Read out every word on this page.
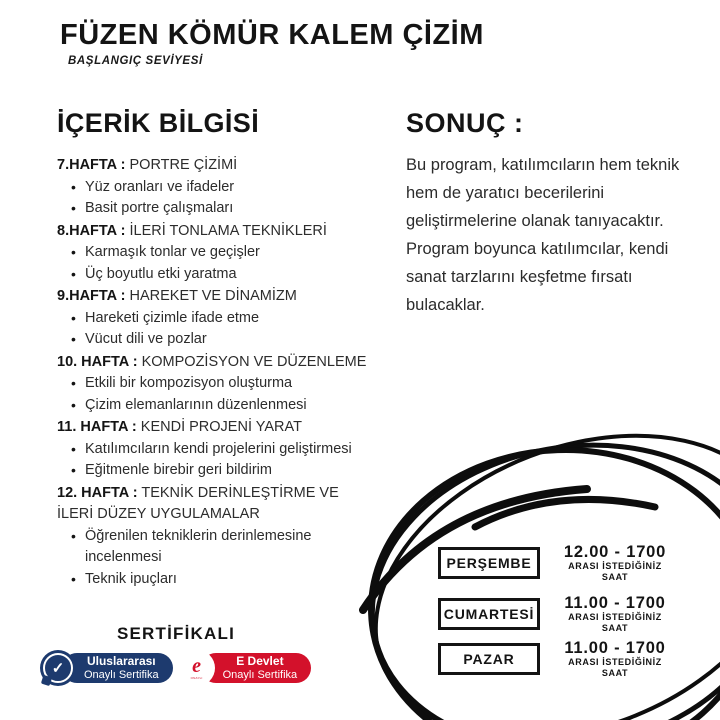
FÜZEN KÖMÜR KALEM ÇİZİM
BAŞLANGIÇ SEVİYESİ
İÇERİK BİLGİSİ
7.HAFTA : PORTRE ÇİZİMİ
• Yüz oranları ve ifadeler
• Basit portre çalışmaları
8.HAFTA : İLERİ TONLAMA TEKNİKLERİ
• Karmaşık tonlar ve geçişler
• Üç boyutlu etki yaratma
9.HAFTA : HAREKET VE DİNAMİZM
• Hareketi çizimle ifade etme
• Vücut dili ve pozlar
10. HAFTA : KOMPOZİSYON VE DÜZENLEME
• Etkili bir kompozisyon oluşturma
• Çizim elemanlarının düzenlenmesi
11. HAFTA : KENDİ PROJENİ YARAT
• Katılımcıların kendi projelerini geliştirmesi
• Eğitmenle birebir geri bildirim
12. HAFTA : TEKNİK DERİNLEŞTİRME VE İLERİ DÜZEY UYGULAMALAR
• Öğrenilen tekniklerin derinlemesine incelenmesi
• Teknik ipuçları
SONUÇ :
Bu program, katılımcıların hem teknik hem de yaratıcı becerilerini geliştirmelerine olanak tanıyacaktır. Program boyunca katılımcılar, kendi sanat tarzlarını keşfetme fırsatı bulacaklar.
PERŞEMBE
12.00 - 1700
ARASI İSTEDİĞİNİZ
SAAT
CUMARTESİ
11.00 - 1700
ARASI İSTEDİĞİNİZ
SAAT
PAZAR
11.00 - 1700
ARASI İSTEDİĞİNİZ
SAAT
SERTİFİKALI
✓	Uluslararası
Onaylı Sertifika e
ONAYLI
E Devlet
Onaylı Sertifika
